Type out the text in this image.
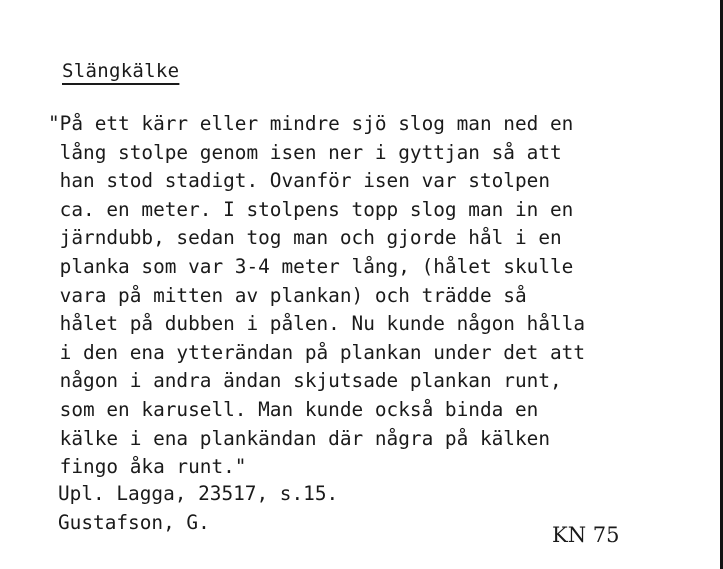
Slängkälke
"På ett kärr eller mindre sjö slog man ned en
lång stolpe genom isen ner i gyttjan så att
han stod stadigt. Ovanför isen var stolpen
ca. en meter. I stolpens topp slog man in en
järndubb, sedan tog man och gjorde hål i en
planka som var 3-4 meter lång, (hålet skulle
vara på mitten av plankan) och trädde så
hålet på dubben i pålen. Nu kunde någon hålla
i den ena ytterändan på plankan under det att
någon i andra ändan skjutsade plankan runt,
som en karusell. Man kunde också binda en
kälke i ena plankändan där några på kälken
fingo åka runt."
Upl. Lagga, 23517, s.15.
Gustafson, G.
KN 75
